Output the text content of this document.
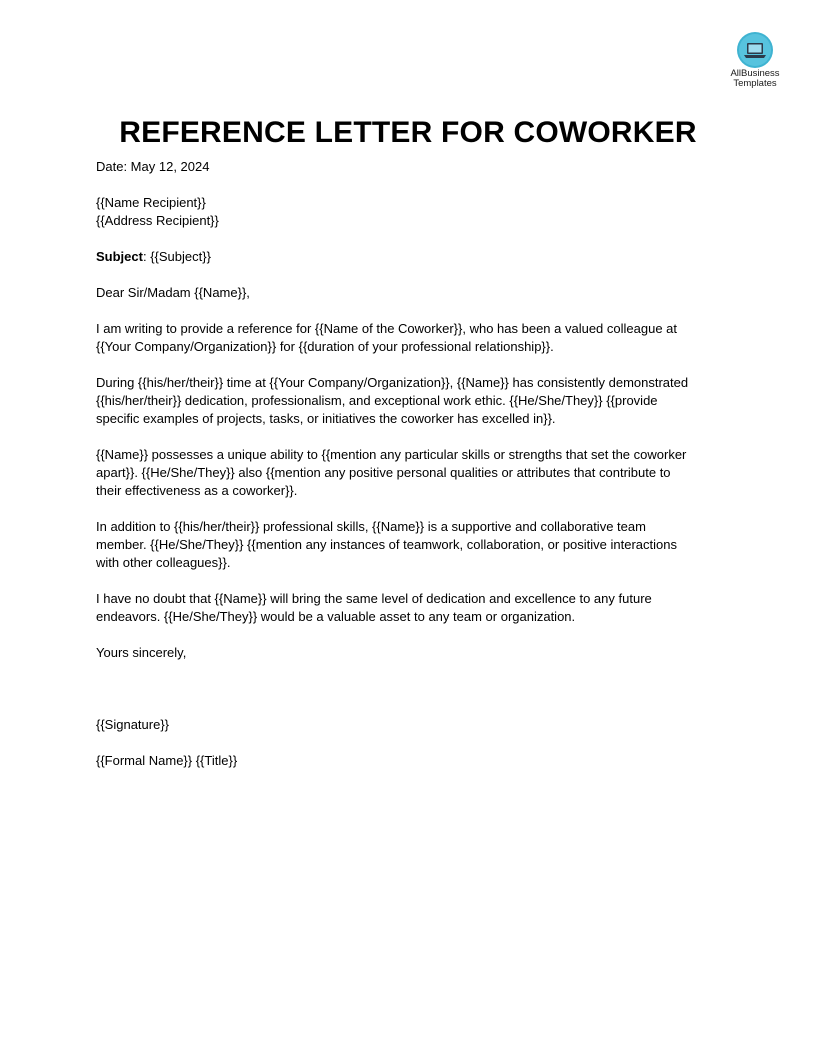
AllBusiness
Templates
REFERENCE LETTER FOR COWORKER

Date: May 12, 2024

{{Name Recipient}}
{{Address Recipient}}

Subject: {{Subject}}

Dear Sir/Madam {{Name}},

I am writing to provide a reference for {{Name of the Coworker}}, who has been a valued colleague at
{{Your Company/Organization}} for {{duration of your professional relationship}}.

During {{his/her/their}} time at {{Your Company/Organization}}, {{Name}} has consistently demonstrated
{{his/her/their}} dedication, professionalism, and exceptional work ethic. {{He/She/They}} {{provide
specific examples of projects, tasks, or initiatives the coworker has excelled in}}.

{{Name}} possesses a unique ability to {{mention any particular skills or strengths that set the coworker
apart}}. {{He/She/They}} also {{mention any positive personal qualities or attributes that contribute to
their effectiveness as a coworker}}.

In addition to {{his/her/their}} professional skills, {{Name}} is a supportive and collaborative team
member. {{He/She/They}} {{mention any instances of teamwork, collaboration, or positive interactions
with other colleagues}}.

I have no doubt that {{Name}} will bring the same level of dedication and excellence to any future
endeavors. {{He/She/They}} would be a valuable asset to any team or organization.

Yours sincerely,

{{Signature}}

{{Formal Name}} {{Title}}
